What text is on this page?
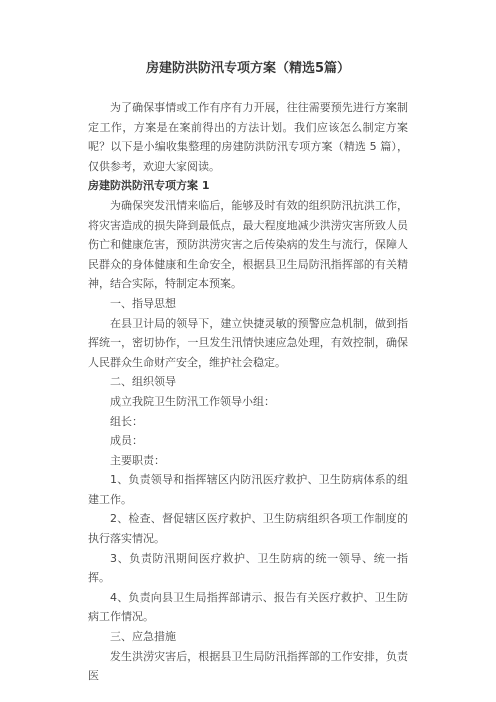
房建防洪防汛专项方案（精选5篇）

为了确保事情或工作有序有力开展，往往需要预先进行方案制定工作，方案是在案前得出的方法计划。我们应该怎么制定方案呢？以下是小编收集整理的房建防洪防汛专项方案（精选 5 篇），仅供参考，欢迎大家阅读。

房建防洪防汛专项方案 1

为确保突发汛情来临后，能够及时有效的组织防汛抗洪工作，将灾害造成的损失降到最低点，最大程度地减少洪涝灾害所致人员伤亡和健康危害，预防洪涝灾害之后传染病的发生与流行，保障人民群众的身体健康和生命安全，根据县卫生局防汛指挥部的有关精神，结合实际，特制定本预案。

一、指导思想

在县卫计局的领导下，建立快捷灵敏的预警应急机制，做到指挥统一，密切协作，一旦发生汛情快速应急处理，有效控制，确保人民群众生命财产安全，维护社会稳定。

二、组织领导

成立我院卫生防汛工作领导小组：

组长：

成员：

主要职责：

1、负责领导和指挥辖区内防汛医疗救护、卫生防病体系的组建工作。

2、检查、督促辖区医疗救护、卫生防病组织各项工作制度的执行落实情况。

3、负责防汛期间医疗救护、卫生防病的统一领导、统一指挥。

4、负责向县卫生局指挥部请示、报告有关医疗救护、卫生防病工作情况。

三、应急措施

发生洪涝灾害后，根据县卫生局防汛指挥部的工作安排，负责医
